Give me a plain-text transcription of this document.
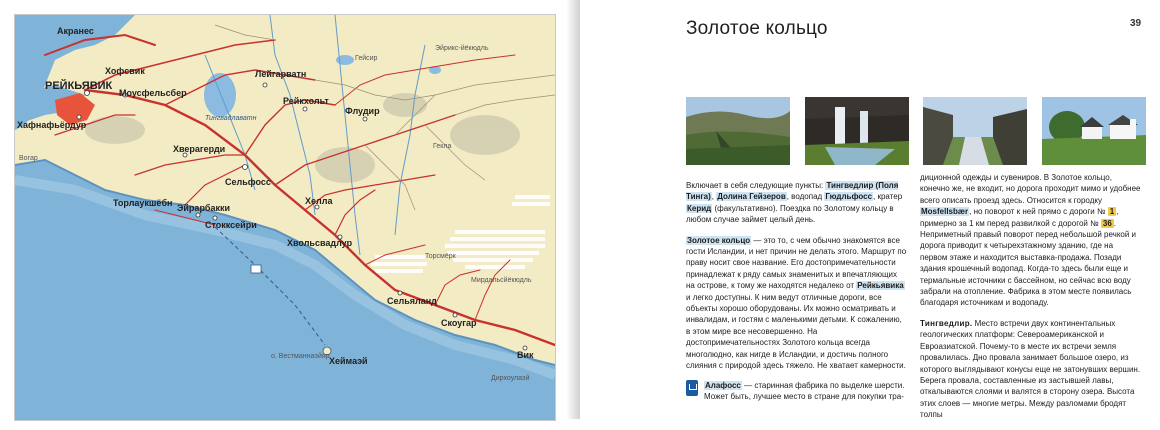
Акранес
Хофсвик
РЕЙКЬЯВИК
Моусфельсбер
Хафнафьёрдур
Вогар
Торлаукшёбн Эйрарбакки
Стокксейри
Хверагерди
Сельфосс
Лейгарватн
Рейкхольт
Флудир
Хелла
Хвольсвадлур
Сельяланд
Скоугар
Вик
Хеймаэй
Тингвадлаватн
Гейсир
Эйрикс-йёкюдль
Дирхоулаэй
Гекла
Торсмёрк
Мирдальсйёкюдль
о. Вестманнаэйяр
Золотое кольцо	39

Включает в себя следующие пункты: Тингведлир (Поля Тинга), Долина Гейзеров, водопад Гюдльфосс, кратер Керид (факультативно). Поездка по Золотому кольцу в любом случае займет целый день.

Золотое кольцо — это то, с чем обычно знакомятся все гости Исландии, и нет причин не делать этого. Маршрут по праву носит свое название. Его достопримечательности принадлежат к ряду самых знаменитых и впечатляющих на острове, к тому же находятся недалеко от Рейкьявика и легко доступны. К ним ведут отличные дороги, все объекты хорошо оборудованы. Их можно осматривать и инвалидам, и гостям с маленькими детьми. К сожалению, в этом мире все несовершенно. На достопримечательностях Золотого кольца всегда многолюдно, как нигде в Исландии, и достичь полного слияния с природой здесь тяжело. Не хватает камерности.

Алафосс — старинная фабрика по выделке шерсти. Может быть, лучшее место в стране для покупки тра-

диционной одежды и сувениров. В Золотое кольцо, конечно же, не входит, но дорога проходит мимо и удобнее всего описать проезд здесь. Относится к городку Mosfellsbær, но поворот к ней прямо с дороги № 1 , примерно за 1 км перед развилкой с дорогой № 36 . Неприметный правый поворот перед небольшой речкой и дорога приводит к четырехэтажному зданию, где на первом этаже и находится выставка-продажа. Позади здания крошечный водопад. Когда-то здесь были еще и термальные источники с бассейном, но сейчас всю воду забрали на отопление. Фабрика в этом месте появилась благодаря источникам и водопаду.

Тингведлир. Место встречи двух континентальных геологических платформ: Североамериканской и Евроазиатской. Почему-то в месте их встречи земля провалилась. Дно провала занимает большое озеро, из которого выглядывают конусы еще не затонувших вершин. Берега провала, составленные из застывшей лавы, откалываются слоями и валятся в сторону озера. Высота этих слоев — многие метры. Между разломами бродят толпы
